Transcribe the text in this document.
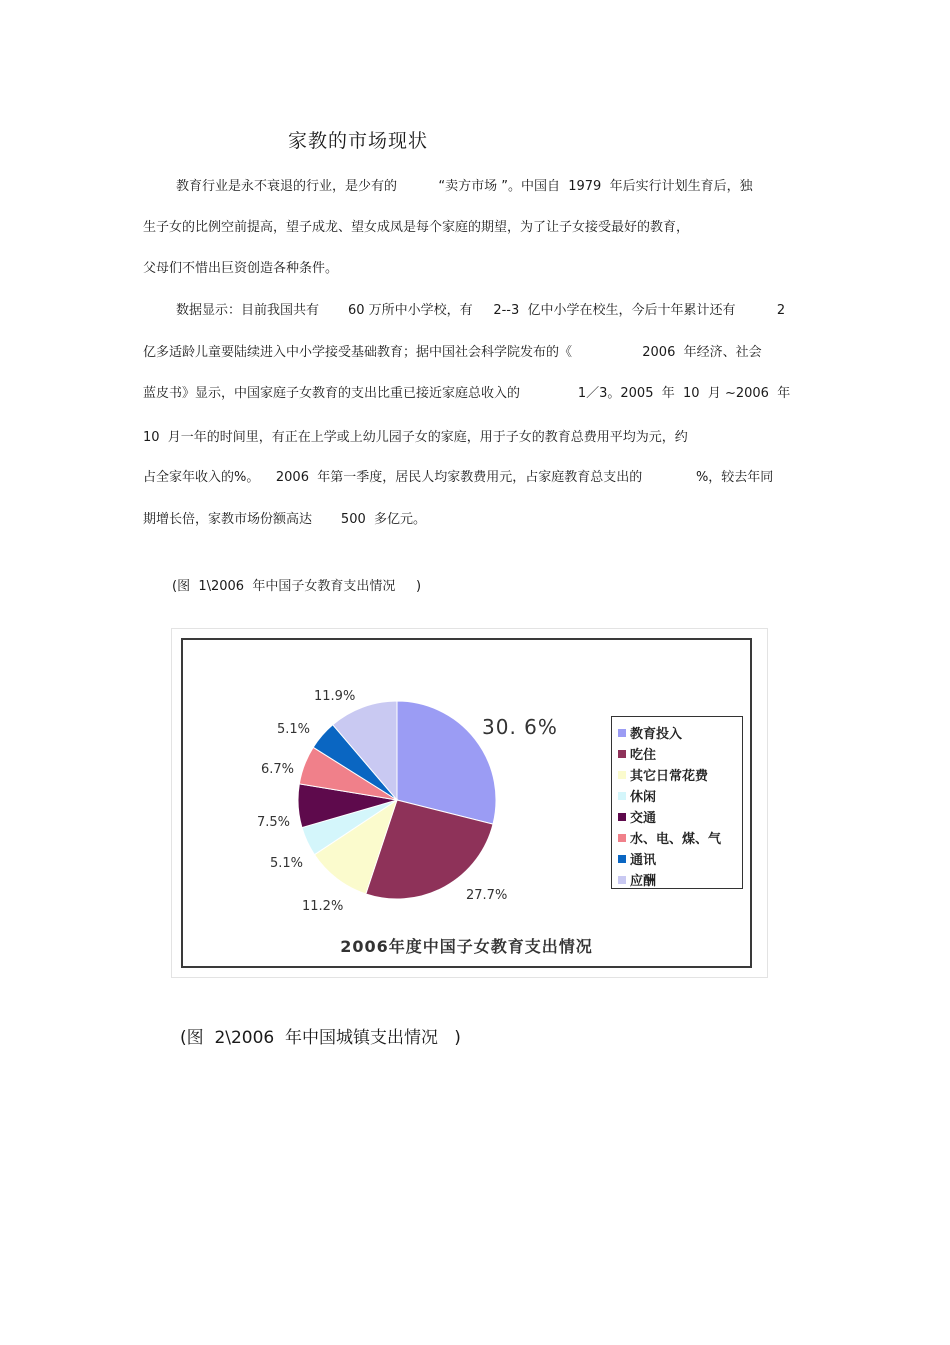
家教的市场现状
教育行业是永不衰退的行业，是少有的          “卖方市场 ”。中国自  1979  年后实行计划生育后，独
生子女的比例空前提高，望子成龙、望女成凤是每个家庭的期望，为了让子女接受最好的教育，
父母们不惜出巨资创造各种条件。
数据显示：目前我国共有       60 万所中小学校，有     2--3  亿中小学在校生，今后十年累计还有          2
亿多适龄儿童要陆续进入中小学接受基础教育；据中国社会科学院发布的《                 2006  年经济、社会
蓝皮书》显示，中国家庭子女教育的支出比重已接近家庭总收入的              1／3。2005  年  10  月 ~2006  年
10  月一年的时间里，有正在上学或上幼儿园子女的家庭，用于子女的教育总费用平均为元，约
占全家年收入的%。    2006  年第一季度，居民人均家教费用元，占家庭教育总支出的             %，较去年同
期增长倍，家教市场份额高达       500  多亿元。
(图  1\2006  年中国子女教育支出情况     )
30. 6%
27.7%
11.2%
5.1%
7.5%
6.7%
5.1%
11.9%
教育投入
吃住
其它日常花费
休闲
交通
水、电、煤、气
通讯
应酬
2006年度中国子女教育支出情况
(图  2\2006  年中国城镇支出情况   )
